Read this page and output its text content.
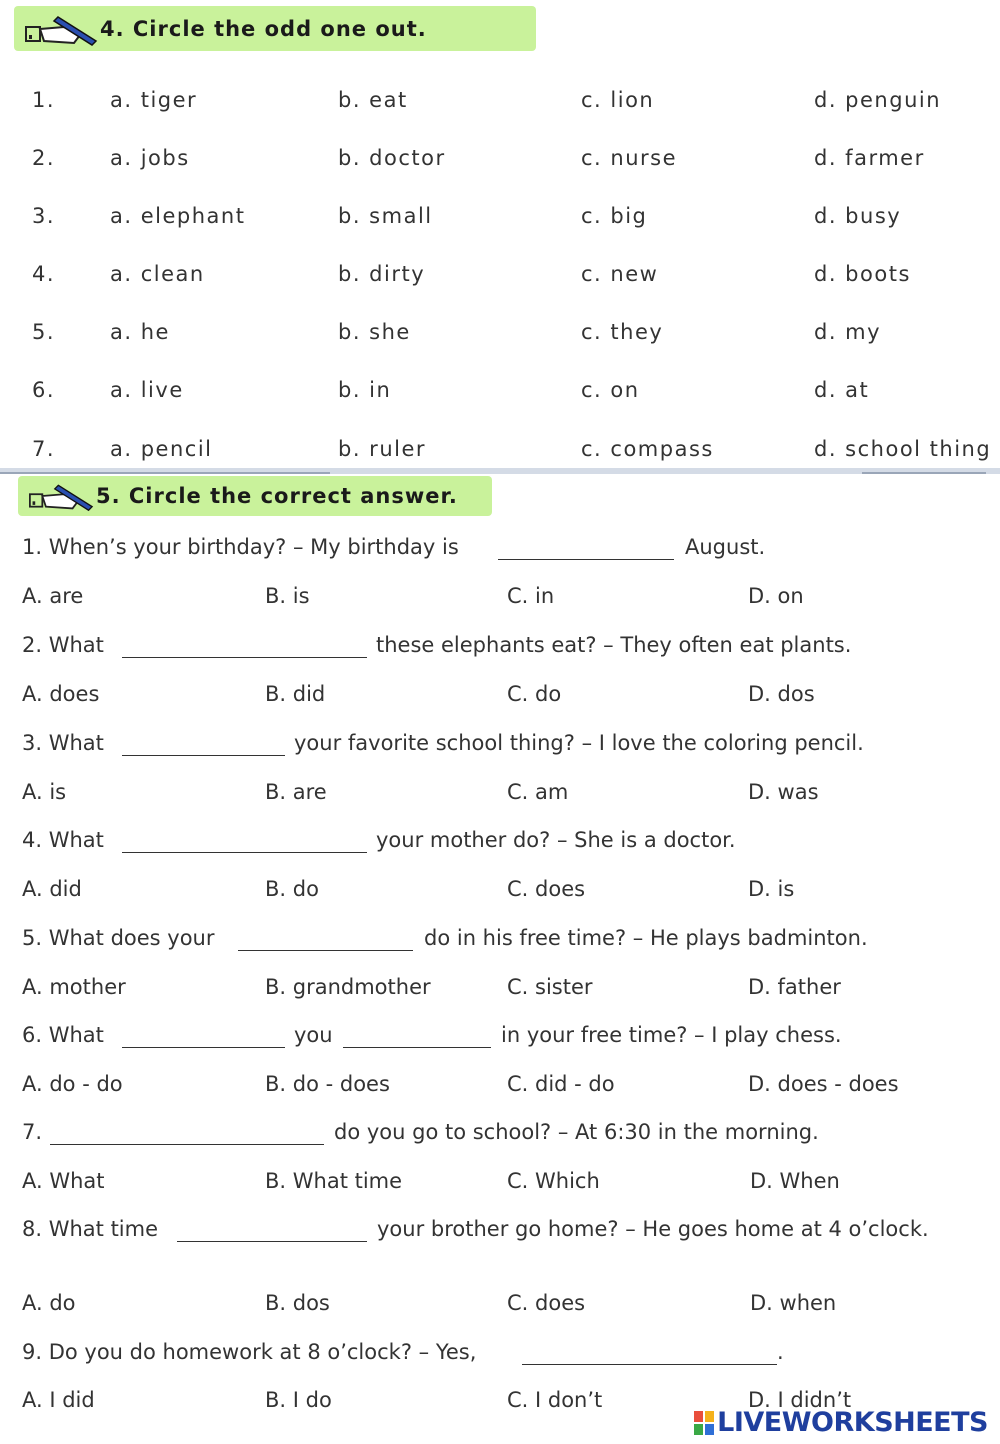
4. Circle the odd one out.
1.	a. tiger	b. eat	c. lion	d. penguin
2.	a. jobs	b. doctor	c. nurse	d. farmer
3.	a. elephant	b. small	c. big	d. busy
4.	a. clean	b. dirty	c. new	d. boots
5.	a. he	b. she	c. they	d. my
6.	a. live	b. in	c. on	d. at
7.	a. pencil	b. ruler	c. compass	d. school thing
5. Circle the correct answer.
1. When’s your birthday? – My birthday is	August.
A. are	B. is	C. in	D. on
2. What	these elephants eat? – They often eat plants.
A. does	B. did	C. do	D. dos
3. What	your favorite school thing? – I love the coloring pencil.
A. is	B. are	C. am	D. was
4. What	your mother do? – She is a doctor.
A. did	B. do	C. does	D. is
5. What does your	do in his free time? – He plays badminton.
A. mother	B. grandmother	C. sister	D. father
6. What	you	in your free time? – I play chess.
A. do - do	B. do - does	C. did - do	D. does - does
7.	do you go to school? – At 6:30 in the morning.
A. What	B. What time	C. Which	D. When
8. What time	your brother go home? – He goes home at 4 o’clock.
A. do	B. dos	C. does	D. when
9. Do you do homework at 8 o’clock? – Yes,	.
A. I did	B. I do	C. I don’t	D. I didn’t
LIVEWORKSHEETS
